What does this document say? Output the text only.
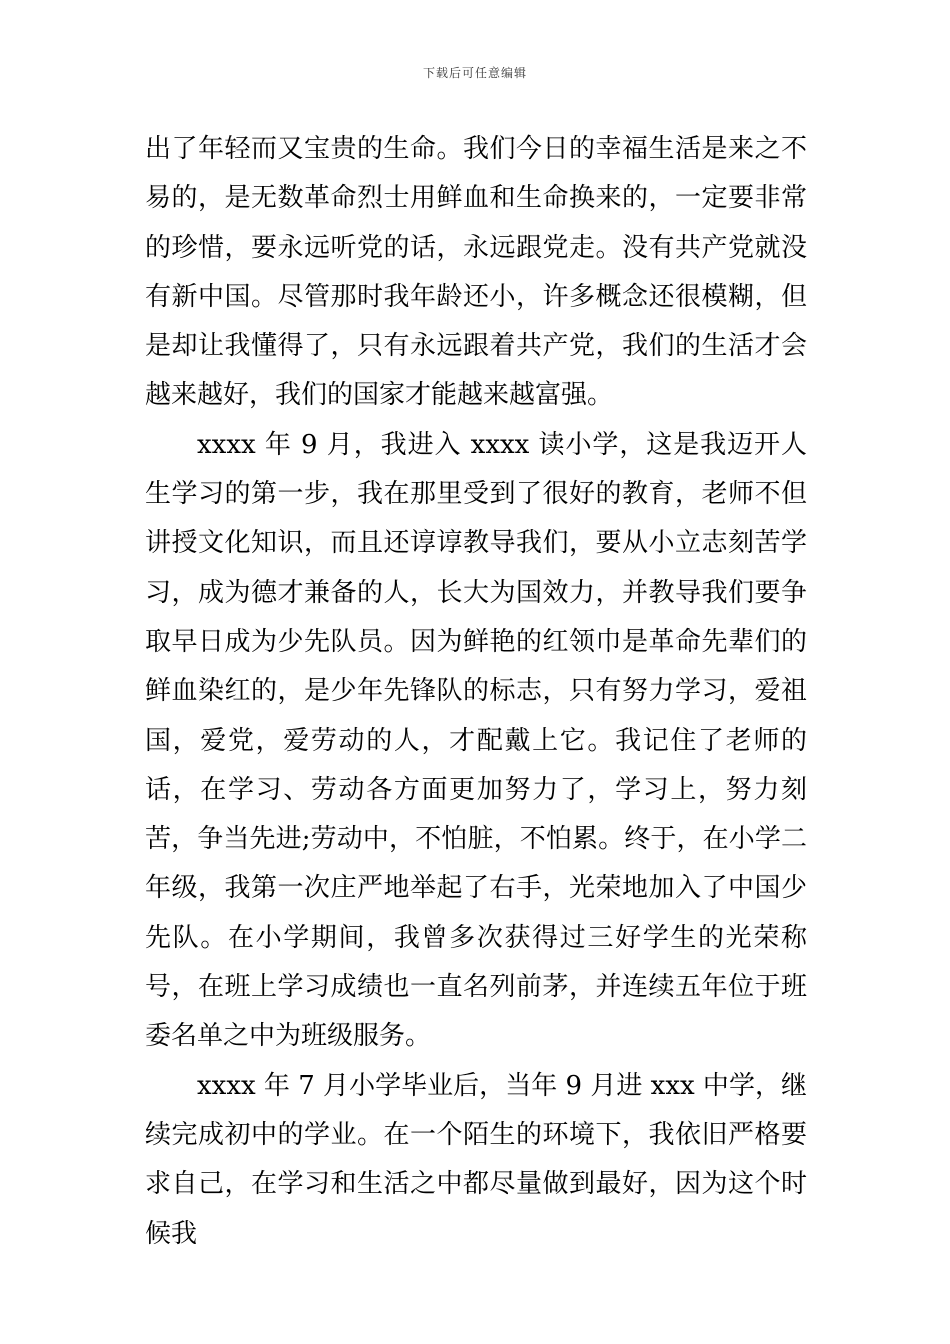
下载后可任意编辑

出了年轻而又宝贵的生命。我们今日的幸福生活是来之不易的，是无数革命烈士用鲜血和生命换来的，一定要非常的珍惜，要永远听党的话，永远跟党走。没有共产党就没有新中国。尽管那时我年龄还小，许多概念还很模糊，但是却让我懂得了，只有永远跟着共产党，我们的生活才会越来越好，我们的国家才能越来越富强。

xxxx 年 9 月，我进入 xxxx 读小学，这是我迈开人生学习的第一步，我在那里受到了很好的教育，老师不但讲授文化知识，而且还谆谆教导我们，要从小立志刻苦学习，成为德才兼备的人，长大为国效力，并教导我们要争取早日成为少先队员。因为鲜艳的红领巾是革命先辈们的鲜血染红的，是少年先锋队的标志，只有努力学习，爱祖国，爱党，爱劳动的人，才配戴上它。我记住了老师的话，在学习、劳动各方面更加努力了，学习上，努力刻苦，争当先进;劳动中，不怕脏，不怕累。终于，在小学二年级，我第一次庄严地举起了右手，光荣地加入了中国少先队。在小学期间，我曾多次获得过三好学生的光荣称号，在班上学习成绩也一直名列前茅，并连续五年位于班委名单之中为班级服务。

xxxx 年 7 月小学毕业后，当年 9 月进 xxx 中学，继续完成初中的学业。在一个陌生的环境下，我依旧严格要求自己，在学习和生活之中都尽量做到最好，因为这个时候我
